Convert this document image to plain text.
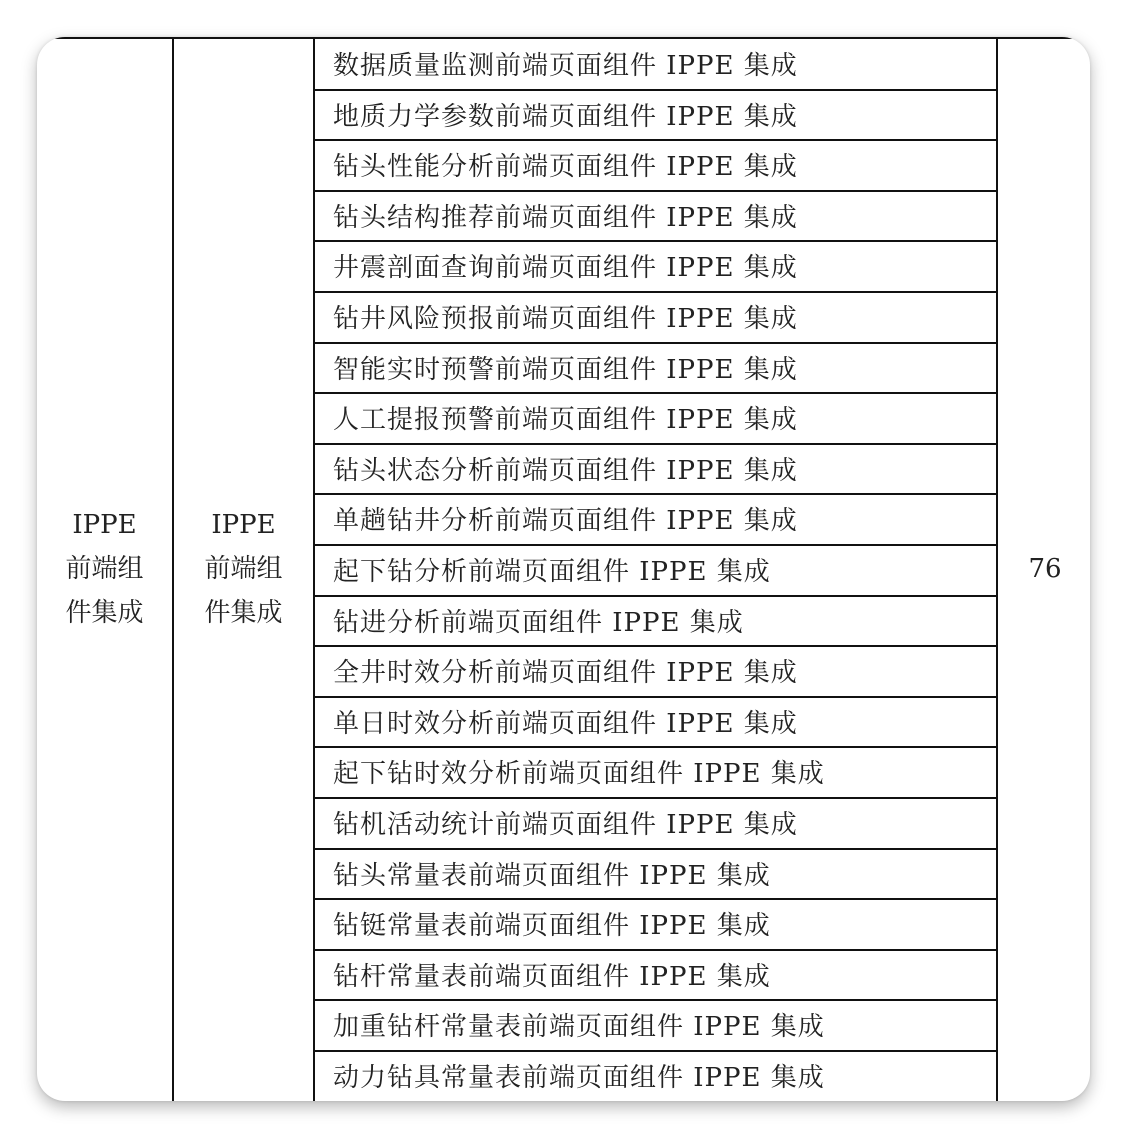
IPPE 前端组件集成
IPPE 前端组件集成
数据质量监测前端页面组件 IPPE 集成
地质力学参数前端页面组件 IPPE 集成
钻头性能分析前端页面组件 IPPE 集成
钻头结构推荐前端页面组件 IPPE 集成
井震剖面查询前端页面组件 IPPE 集成
钻井风险预报前端页面组件 IPPE 集成
智能实时预警前端页面组件 IPPE 集成
人工提报预警前端页面组件 IPPE 集成
钻头状态分析前端页面组件 IPPE 集成
单趟钻井分析前端页面组件 IPPE 集成
起下钻分析前端页面组件 IPPE 集成
钻进分析前端页面组件 IPPE 集成
全井时效分析前端页面组件 IPPE 集成
单日时效分析前端页面组件 IPPE 集成
起下钻时效分析前端页面组件 IPPE 集成
钻机活动统计前端页面组件 IPPE 集成
钻头常量表前端页面组件 IPPE 集成
钻铤常量表前端页面组件 IPPE 集成
钻杆常量表前端页面组件 IPPE 集成
加重钻杆常量表前端页面组件 IPPE 集成
动力钻具常量表前端页面组件 IPPE 集成
76
